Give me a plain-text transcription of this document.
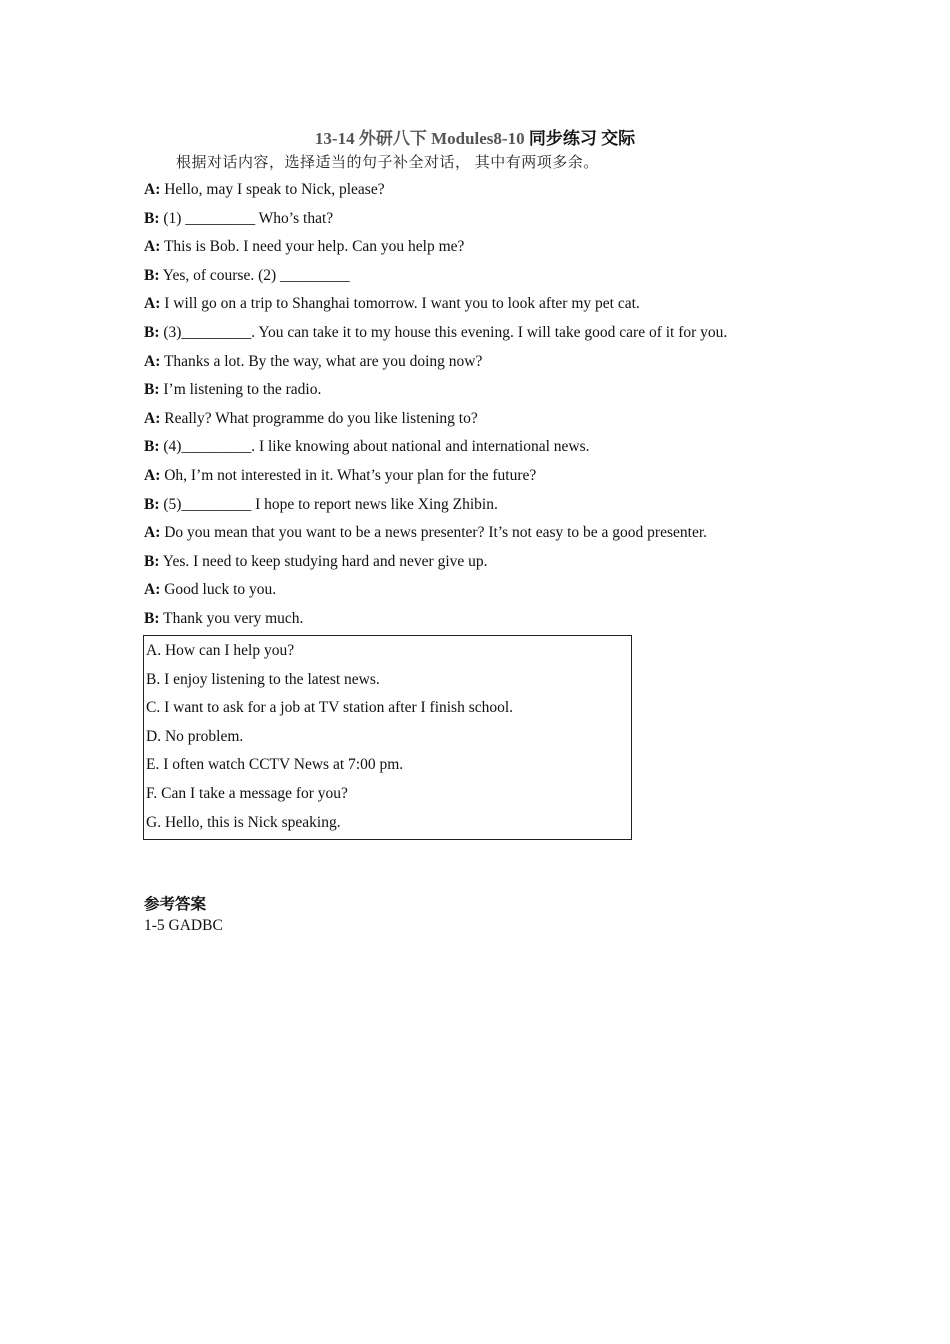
13-14 外研八下 Modules8-10 同步练习 交际
根据对话内容，选择适当的句子补全对话， 其中有两项多余。
A: Hello, may I speak to Nick, please?
B: (1) _________ Who’s that?
A: This is Bob. I need your help. Can you help me?
B: Yes, of course. (2) _________
A: I will go on a trip to Shanghai tomorrow. I want you to look after my pet cat.
B: (3)_________. You can take it to my house this evening. I will take good care of it for you.
A: Thanks a lot. By the way, what are you doing now?
B: I’m listening to the radio.
A: Really? What programme do you like listening to?
B: (4)_________. I like knowing about national and international news.
A: Oh, I’m not interested in it. What’s your plan for the future?
B: (5)_________ I hope to report news like Xing Zhibin.
A: Do you mean that you want to be a news presenter? It’s not easy to be a good presenter.
B: Yes. I need to keep studying hard and never give up.
A: Good luck to you.
B: Thank you very much.
A. How can I help you?
B. I enjoy listening to the latest news.
C. I want to ask for a job at TV station after I finish school.
D. No problem.
E. I often watch CCTV News at 7:00 pm.
F. Can I take a message for you?
G. Hello, this is Nick speaking.
参考答案
1-5 GADBC
